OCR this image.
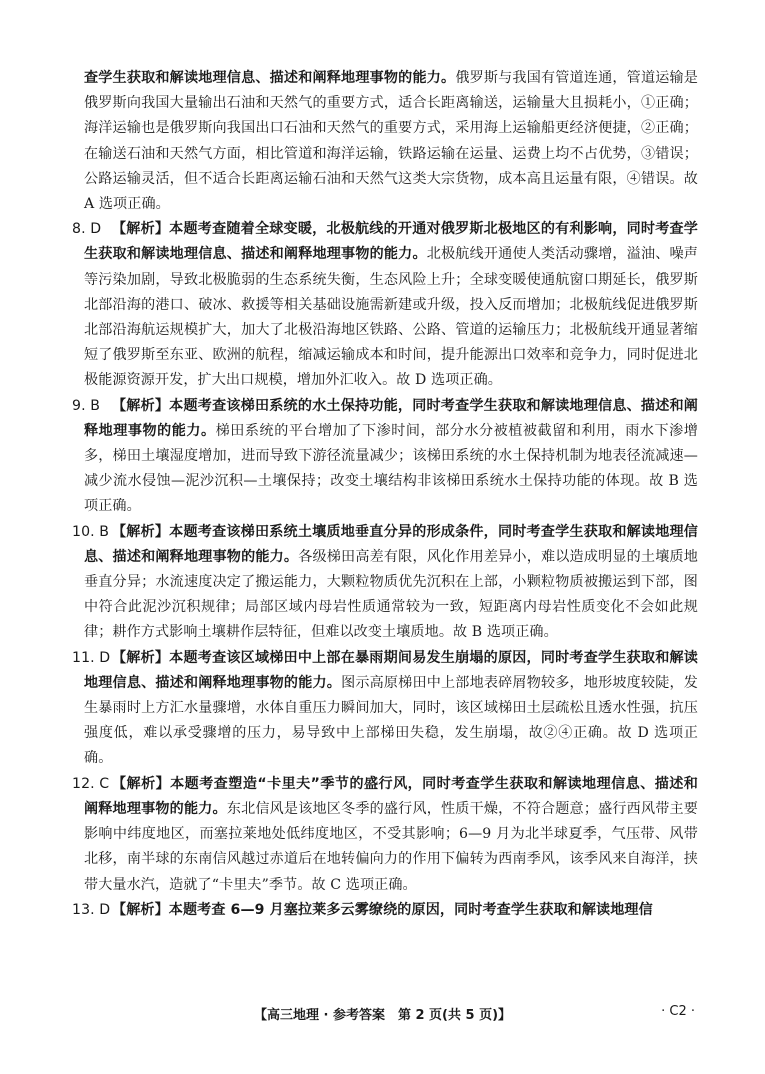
查学生获取和解读地理信息、描述和阐释地理事物的能力。俄罗斯与我国有管道连通，管道运输是俄罗斯向我国大量输出石油和天然气的重要方式，适合长距离输送，运输量大且损耗小，①正确；海洋运输也是俄罗斯向我国出口石油和天然气的重要方式，采用海上运输船更经济便捷，②正确；在输送石油和天然气方面，相比管道和海洋运输，铁路运输在运量、运费上均不占优势，③错误；公路运输灵活，但不适合长距离运输石油和天然气这类大宗货物，成本高且运量有限，④错误。故 A 选项正确。

8. D 【解析】本题考查随着全球变暖，北极航线的开通对俄罗斯北极地区的有利影响，同时考查学生获取和解读地理信息、描述和阐释地理事物的能力。北极航线开通使人类活动骤增，溢油、噪声等污染加剧，导致北极脆弱的生态系统失衡，生态风险上升；全球变暖使通航窗口期延长，俄罗斯北部沿海的港口、破冰、救援等相关基础设施需新建或升级，投入反而增加；北极航线促进俄罗斯北部沿海航运规模扩大，加大了北极沿海地区铁路、公路、管道的运输压力；北极航线开通显著缩短了俄罗斯至东亚、欧洲的航程，缩减运输成本和时间，提升能源出口效率和竞争力，同时促进北极能源资源开发，扩大出口规模，增加外汇收入。故 D 选项正确。

9. B 【解析】本题考查该梯田系统的水土保持功能，同时考查学生获取和解读地理信息、描述和阐释地理事物的能力。梯田系统的平台增加了下渗时间，部分水分被植被截留和利用，雨水下渗增多，梯田土壤湿度增加，进而导致下游径流量减少；该梯田系统的水土保持机制为地表径流减速—减少流水侵蚀—泥沙沉积—土壤保持；改变土壤结构非该梯田系统水土保持功能的体现。故 B 选项正确。

10. B 【解析】本题考查该梯田系统土壤质地垂直分异的形成条件，同时考查学生获取和解读地理信息、描述和阐释地理事物的能力。各级梯田高差有限，风化作用差异小，难以造成明显的土壤质地垂直分异；水流速度决定了搬运能力，大颗粒物质优先沉积在上部，小颗粒物质被搬运到下部，图中符合此泥沙沉积规律；局部区域内母岩性质通常较为一致，短距离内母岩性质变化不会如此规律；耕作方式影响土壤耕作层特征，但难以改变土壤质地。故 B 选项正确。

11. D 【解析】本题考查该区域梯田中上部在暴雨期间易发生崩塌的原因，同时考查学生获取和解读地理信息、描述和阐释地理事物的能力。图示高原梯田中上部地表碎屑物较多，地形坡度较陡，发生暴雨时上方汇水量骤增，水体自重压力瞬间加大，同时，该区域梯田土层疏松且透水性强，抗压强度低，难以承受骤增的压力，易导致中上部梯田失稳，发生崩塌，故②④正确。故 D 选项正确。

12. C 【解析】本题考查塑造“卡里夫”季节的盛行风，同时考查学生获取和解读地理信息、描述和阐释地理事物的能力。东北信风是该地区冬季的盛行风，性质干燥，不符合题意；盛行西风带主要影响中纬度地区，而塞拉莱地处低纬度地区，不受其影响；6—9 月为北半球夏季，气压带、风带北移，南半球的东南信风越过赤道后在地转偏向力的作用下偏转为西南季风，该季风来自海洋，挟带大量水汽，造就了“卡里夫”季节。故 C 选项正确。

13. D 【解析】本题考查 6—9 月塞拉莱多云雾缭绕的原因，同时考查学生获取和解读地理信

【高三地理 · 参考答案　第 2 页(共 5 页)】	· C2 ·
